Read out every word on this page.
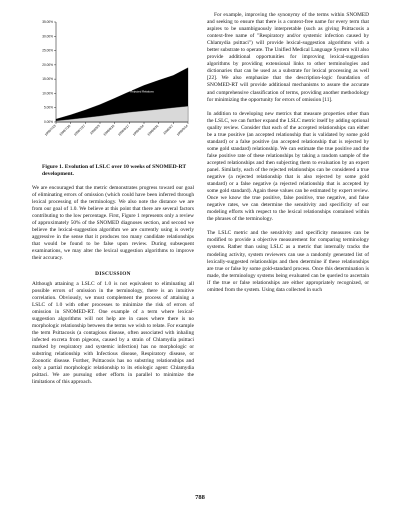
0.00%
5.00%
10.00%
15.00%
20.00%
25.00%
30.00%
35.00%
1998/7/13 1998/7/20 1998/7/27 1998/8/3 1998/8/10 1998/8/17 1998/8/24 1998/8/31 1998/9/7 1998/9/14
Rejected Relations
Accepted Relations
Figure 1. Evolution of LSLC over 10 weeks of SNOMED-RT development.

We are encouraged that the metric demonstrates progress toward our goal of eliminating errors of omission (which could have been inferred through lexical processing of the terminology. We also note the distance we are from our goal of 1.0. We believe at this point that there are several factors contributing to the low percentage. First, Figure 1 represents only a review of approximately 50% of the SNOMED diagnoses section, and second we believe the lexical-suggestion algorithm we are currently using is overly aggressive in the sense that it produces too many candidate relationships that would be found to be false upon review. During subsequent examinations, we may alter the lexical suggestion algorithms to improve their accuracy.

DISCUSSION

Although attaining a LSLC of 1.0 is not equivalent to eliminating all possible errors of omission in the terminology, there is an intuitive correlation. Obviously, we must complement the process of attaining a LSLC of 1.0 with other processes to minimize the risk of errors of omission in SNOMED-RT. One example of a term where lexical-suggestion algorithms will not help are in cases where there is no morphologic relationship between the terms we wish to relate. For example the term Psittacosis (a contagious disease, often associated with inhaling infected excreta from pigeons, caused by a strain of Chlamydia psittaci marked by respiratory and systemic infection) has no morphologic or substring relationship with Infectious disease, Respiratory disease, or Zoonotic disease. Further, Psittacosis has no substring relationships and only a partial morphologic relationship to its etiologic agent: Chlamydia psittaci. We are pursuing other efforts in parallel to minimize the limitations of this approach.

For example, improving the synonymy of the terms within SNOMED and seeking to ensure that there is a context-free name for every term that aspires to be unambiguously interpretable (such as giving Psittacosis a context-free name of "Respiratory and/or systemic infection caused by Chlamydia psittaci") will provide lexical-suggestion algorithms with a better substrate to operate. The Unified Medical Language System will also provide additional opportunities for improving lexical-suggestion algorithms by providing extensional links to other terminologies and dictionaries that can be used as a substrate for lexical processing as well [22]. We also emphasize that the description-logic foundation of SNOMED-RT will provide additional mechanisms to assure the accurate and comprehensive classification of terms, providing another methodology for minimizing the opportunity for errors of omission [11].

In addition to developing new metrics that measure properties other than the LSLC, we can further expand the LSLC metric itself by adding optional quality review. Consider that each of the accepted relationships can either be a true positive (an accepted relationship that is validated by some gold standard) or a false positive (an accepted relationship that is rejected by some gold standard) relationship. We can estimate the true positive and the false positive rate of these relationships by taking a random sample of the accepted relationships and then subjecting them to evaluation by an expert panel. Similarly, each of the rejected relationships can be considered a true negative (a rejected relationship that is also rejected by some gold standard) or a false negative (a rejected relationship that is accepted by some gold standard). Again these values can be estimated by expert review. Once we know the true positive, false positive, true negative, and false negative rates, we can determine the sensitivity and specificity of our modeling efforts with respect to the lexical relationships contained within the phrases of the terminology.

The LSLC metric and the sensitivity and specificity measures can be modified to provide a objective measurement for comparing terminology systems. Rather than using LSLC as a metric that internally tracks the modeling activity, system reviewers can use a randomly generated list of lexically-suggested relationships and then determine if these relationships are true or false by some gold-standard process. Once this determination is made, the terminology systems being evaluated can be queried to ascertain if the true or false relationships are either appropriately recognized, or omitted from the system. Using data collected in such

788
